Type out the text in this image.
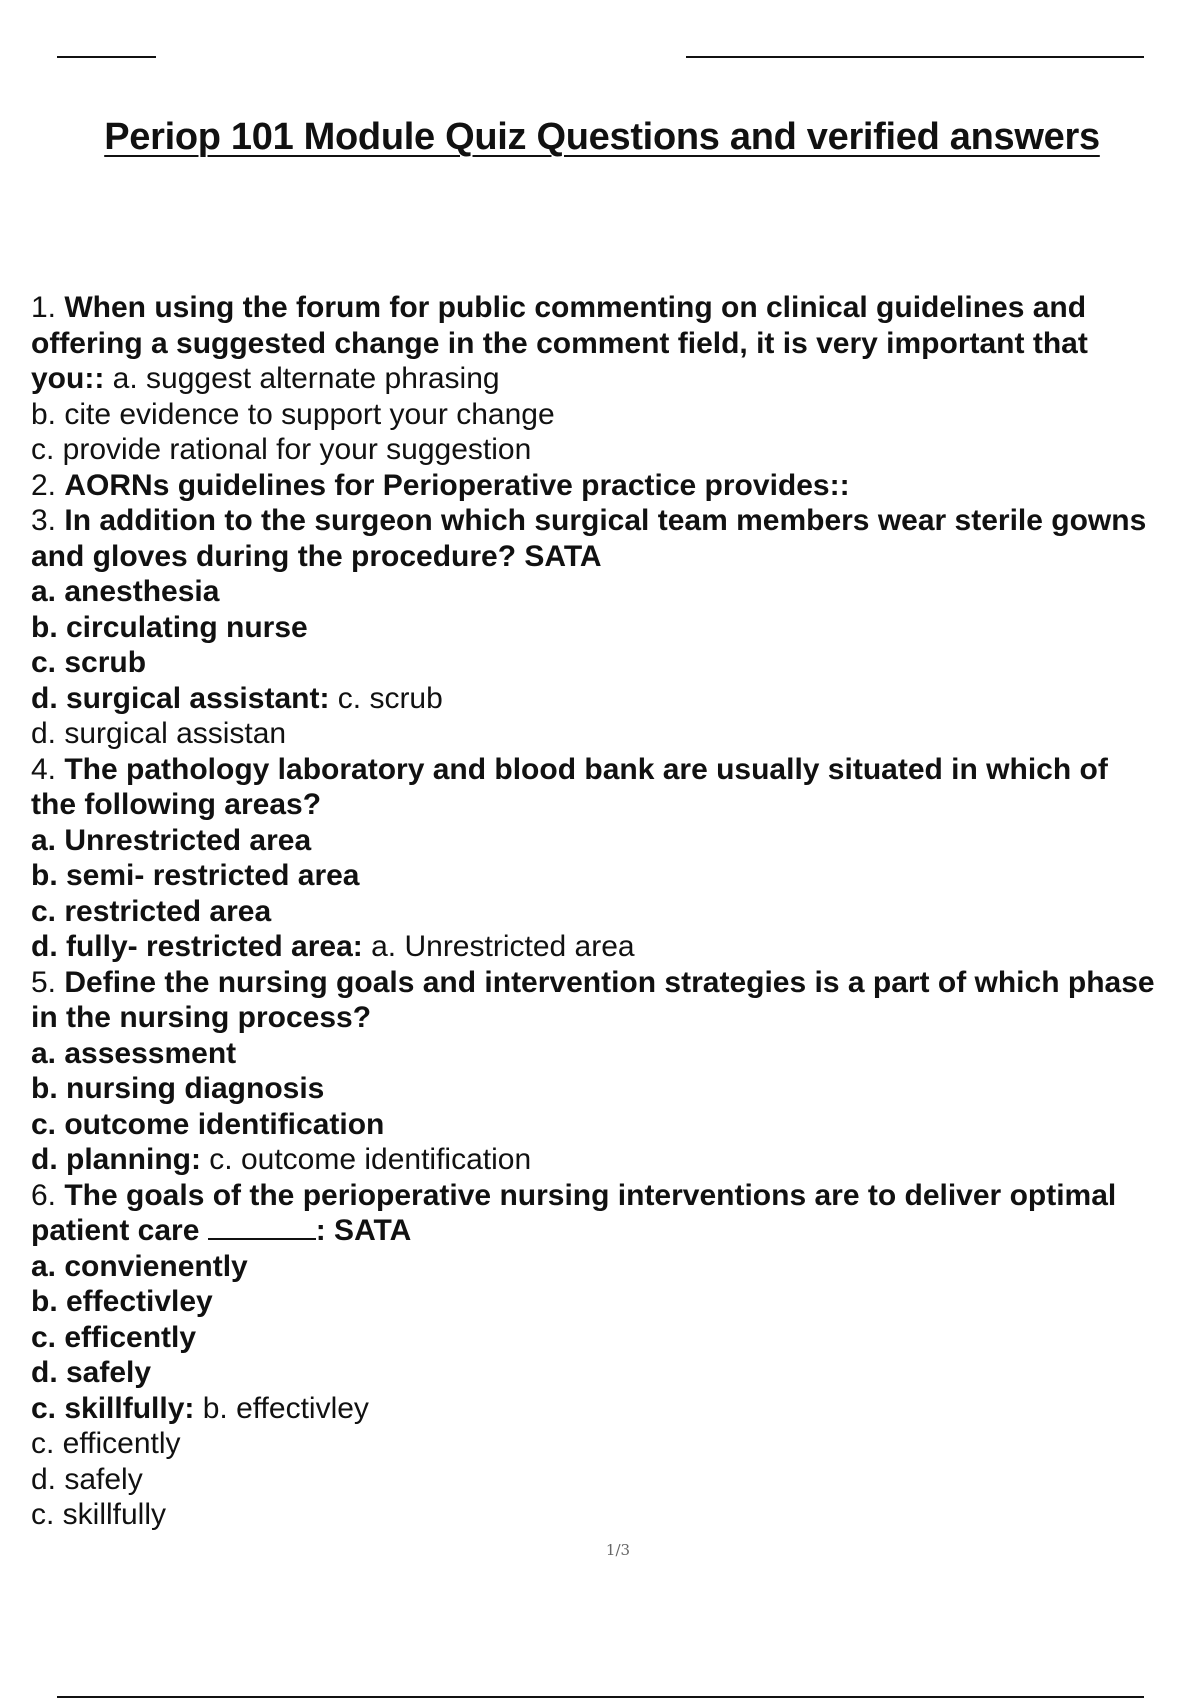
Periop 101 Module Quiz Questions and verified answers
1. When using the forum for public commenting on clinical guidelines and
offering a suggested change in the comment field, it is very important that
you:: a. suggest alternate phrasing
b. cite evidence to support your change
c. provide rational for your suggestion
2. AORNs guidelines for Perioperative practice provides::
3. In addition to the surgeon which surgical team members wear sterile gowns
and gloves during the procedure? SATA
a. anesthesia
b. circulating nurse
c. scrub
d. surgical assistant: c. scrub
d. surgical assistan
4. The pathology laboratory and blood bank are usually situated in which of
the following areas?
a. Unrestricted area
b. semi- restricted area
c. restricted area
d. fully- restricted area: a. Unrestricted area
5. Define the nursing goals and intervention strategies is a part of which phase
in the nursing process?
a. assessment
b. nursing diagnosis
c. outcome identification
d. planning: c. outcome identification
6. The goals of the perioperative nursing interventions are to deliver optimal
patient care	: SATA
a. convienently
b. effectivley
c. efficently
d. safely
c. skillfully: b. effectivley
c. efficently
d. safely
c. skillfully
1/3
